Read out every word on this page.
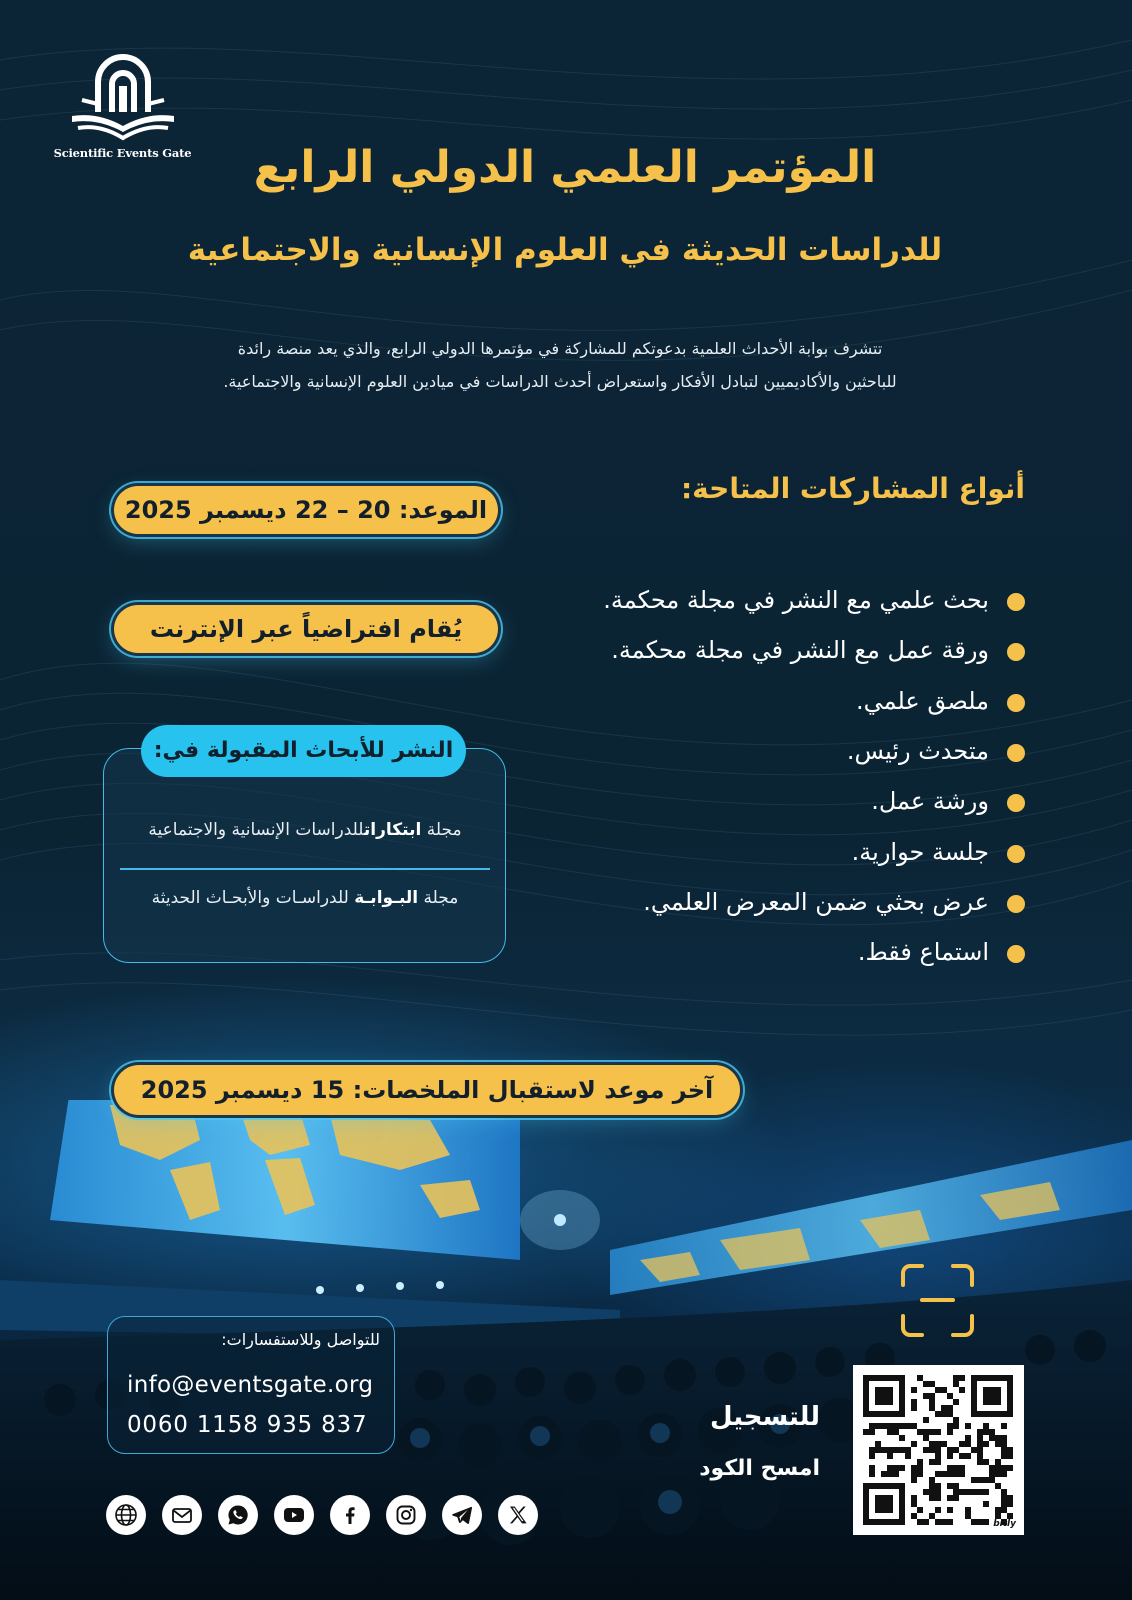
Scientific Events Gate	المؤتمر العلمي الدولي الرابع
للدراسات الحديثة في العلوم الإنسانية والاجتماعية

تتشرف بوابة الأحداث العلمية بدعوتكم للمشاركة في مؤتمرها الدولي الرابع، والذي يعد منصة رائدة
للباحثين والأكاديميين لتبادل الأفكار واستعراض أحدث الدراسات في ميادين العلوم الإنسانية والاجتماعية.

الموعد: 20 – 22 ديسمبر 2025
يُقام افتراضياً عبر الإنترنت
أنواع المشاركات المتاحة:
بحث علمي مع النشر في مجلة محكمة.
ورقة عمل مع النشر في مجلة محكمة.
ملصق علمي.
متحدث رئيس.
ورشة عمل.
جلسة حوارية.
عرض بحثي ضمن المعرض العلمي.
استماع فقط.
النشر للأبحاث المقبولة في:
مجلة ابتكاراتللدراسات الإنسانية والاجتماعية
مجلة البـوابـة للدراسـات والأبحـاث الحديثة
للتواصل وللاستفسارات:
info@eventsgate.org
0060 1158 935 837	للتسجيل
امسح الكود
bitly
آخر موعد لاستقبال الملخصات: 15 ديسمبر 2025
